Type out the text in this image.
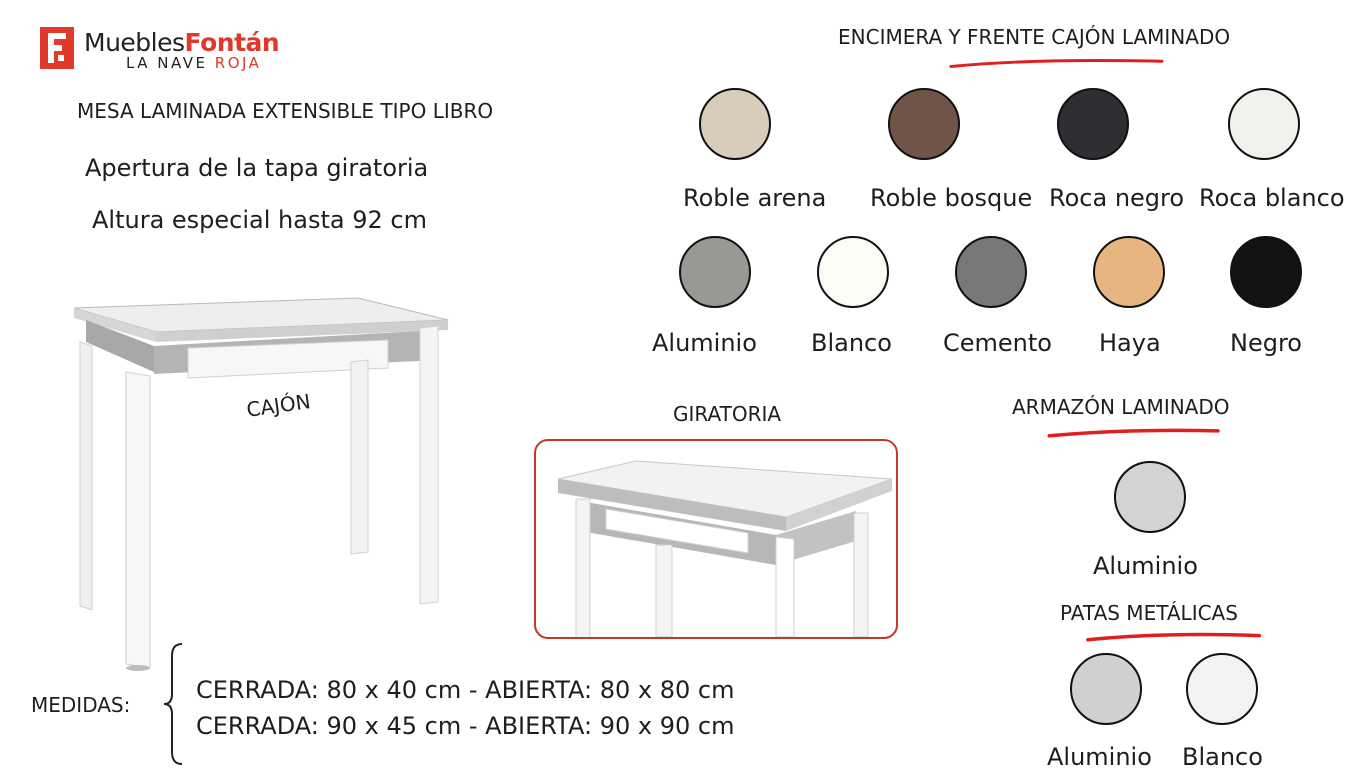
MueblesFontán
LA NAVE ROJA
MESA LAMINADA EXTENSIBLE TIPO LIBRO
Apertura de la tapa giratoria
Altura especial hasta 92 cm
CAJÓN	GIRATORIA
ENCIMERA Y FRENTE CAJÓN LAMINADO
Roble arena Roble bosque Roca negro Roca blanco
Aluminio Blanco Cemento Haya	Negro
ARMAZÓN LAMINADO
Aluminio
PATAS METÁLICAS
Aluminio Blanco
MEDIDAS:
CERRADA: 80 x 40 cm - ABIERTA: 80 x 80 cm
CERRADA: 90 x 45 cm - ABIERTA: 90 x 90 cm
